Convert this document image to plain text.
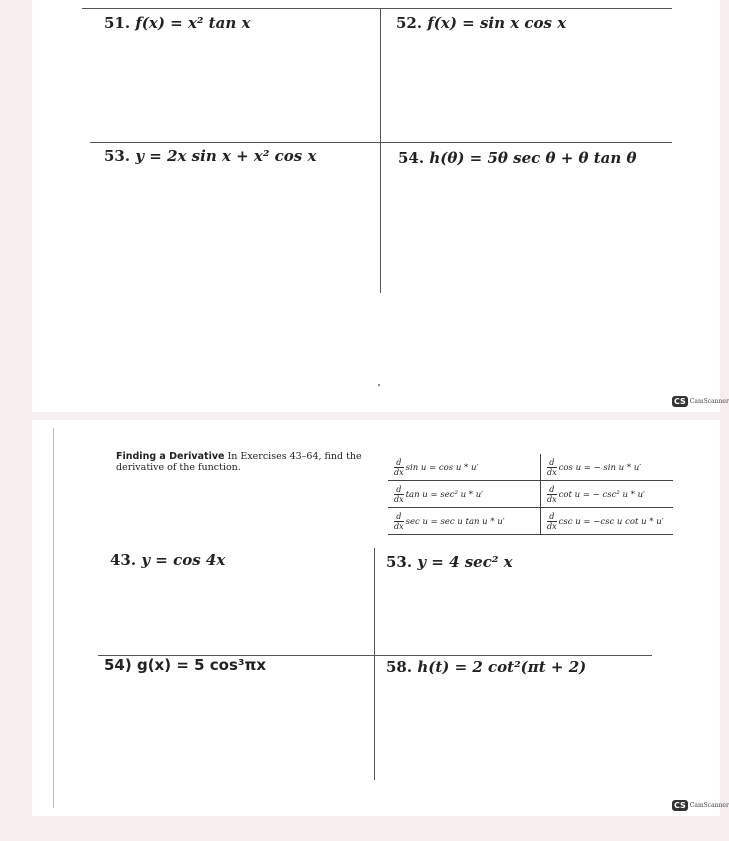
51. f(x) = x² tan x	52. f(x) = sin x cos x
53. y = 2x sin x + x² cos x	54. h(θ) = 5θ sec θ + θ tan θ
CS CamScanner
Finding a Derivative In Exercises 43–64, find the derivative of the function.	$\frac{d}{dx}$ sin u = cos u * u′	$\frac{d}{dx}$ cos u = − sin u * u′

$\frac{d}{dx}$ tan u = sec² u * u′	$\frac{d}{dx}$ cot u = − csc² u * u′

$\frac{d}{dx}$ sec u = sec u tan u * u′	$\frac{d}{dx}$ csc u = −csc u cot u * u′
43. y = cos 4x	53. y = 4 sec² x
54) g(x) = 5 cos³πx	58. h(t) = 2 cot²(πt + 2)
CS CamScanner
